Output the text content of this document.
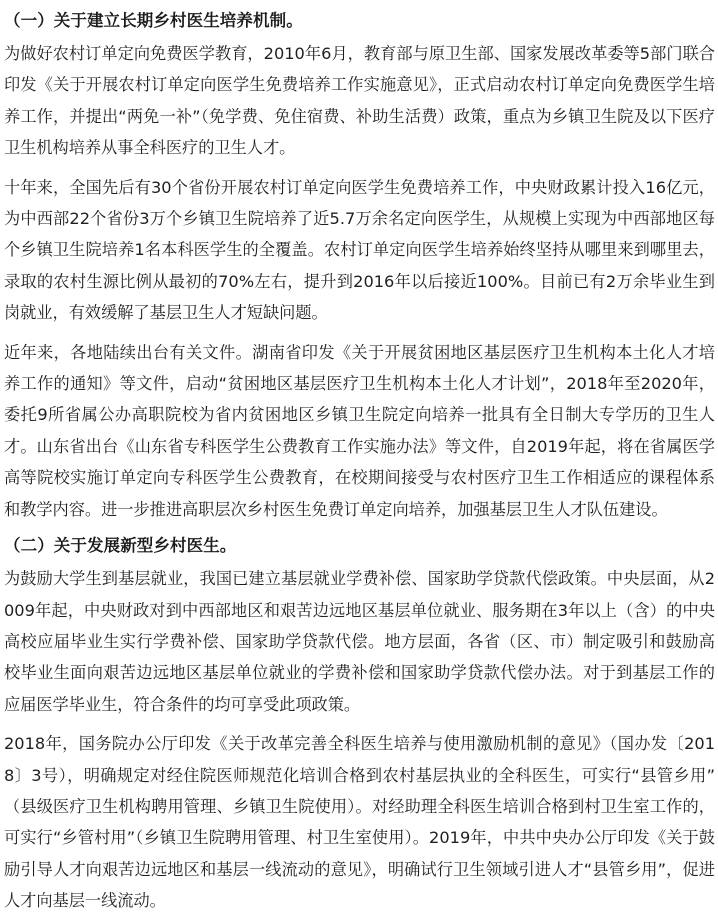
（一）关于建立长期乡村医生培养机制。

为做好农村订单定向免费医学教育，2010年6月，教育部与原卫生部、国家发展改革委等5部门联合印发《关于开展农村订单定向医学生免费培养工作实施意见》，正式启动农村订单定向免费医学生培养工作，并提出“两免一补”（免学费、免住宿费、补助生活费）政策，重点为乡镇卫生院及以下医疗卫生机构培养从事全科医疗的卫生人才。

十年来，全国先后有30个省份开展农村订单定向医学生免费培养工作，中央财政累计投入16亿元，为中西部22个省份3万个乡镇卫生院培养了近5.7万余名定向医学生，从规模上实现为中西部地区每个乡镇卫生院培养1名本科医学生的全覆盖。农村订单定向医学生培养始终坚持从哪里来到哪里去，录取的农村生源比例从最初的70%左右，提升到2016年以后接近100%。目前已有2万余毕业生到岗就业，有效缓解了基层卫生人才短缺问题。

近年来，各地陆续出台有关文件。湖南省印发《关于开展贫困地区基层医疗卫生机构本土化人才培养工作的通知》等文件，启动“贫困地区基层医疗卫生机构本土化人才计划”，2018年至2020年，委托9所省属公办高职院校为省内贫困地区乡镇卫生院定向培养一批具有全日制大专学历的卫生人才。山东省出台《山东省专科医学生公费教育工作实施办法》等文件，自2019年起，将在省属医学高等院校实施订单定向专科医学生公费教育，在校期间接受与农村医疗卫生工作相适应的课程体系和教学内容。进一步推进高职层次乡村医生免费订单定向培养，加强基层卫生人才队伍建设。

（二）关于发展新型乡村医生。

为鼓励大学生到基层就业，我国已建立基层就业学费补偿、国家助学贷款代偿政策。中央层面，从2009年起，中央财政对到中西部地区和艰苦边远地区基层单位就业、服务期在3年以上（含）的中央高校应届毕业生实行学费补偿、国家助学贷款代偿。地方层面，各省（区、市）制定吸引和鼓励高校毕业生面向艰苦边远地区基层单位就业的学费补偿和国家助学贷款代偿办法。对于到基层工作的应届医学毕业生，符合条件的均可享受此项政策。

2018年，国务院办公厅印发《关于改革完善全科医生培养与使用激励机制的意见》（国办发〔2018〕3号），明确规定对经住院医师规范化培训合格到农村基层执业的全科医生，可实行“县管乡用”（县级医疗卫生机构聘用管理、乡镇卫生院使用）。对经助理全科医生培训合格到村卫生室工作的，可实行“乡管村用”（乡镇卫生院聘用管理、村卫生室使用）。2019年，中共中央办公厅印发《关于鼓励引导人才向艰苦边远地区和基层一线流动的意见》，明确试行卫生领域引进人才“县管乡用”，促进人才向基层一线流动。
